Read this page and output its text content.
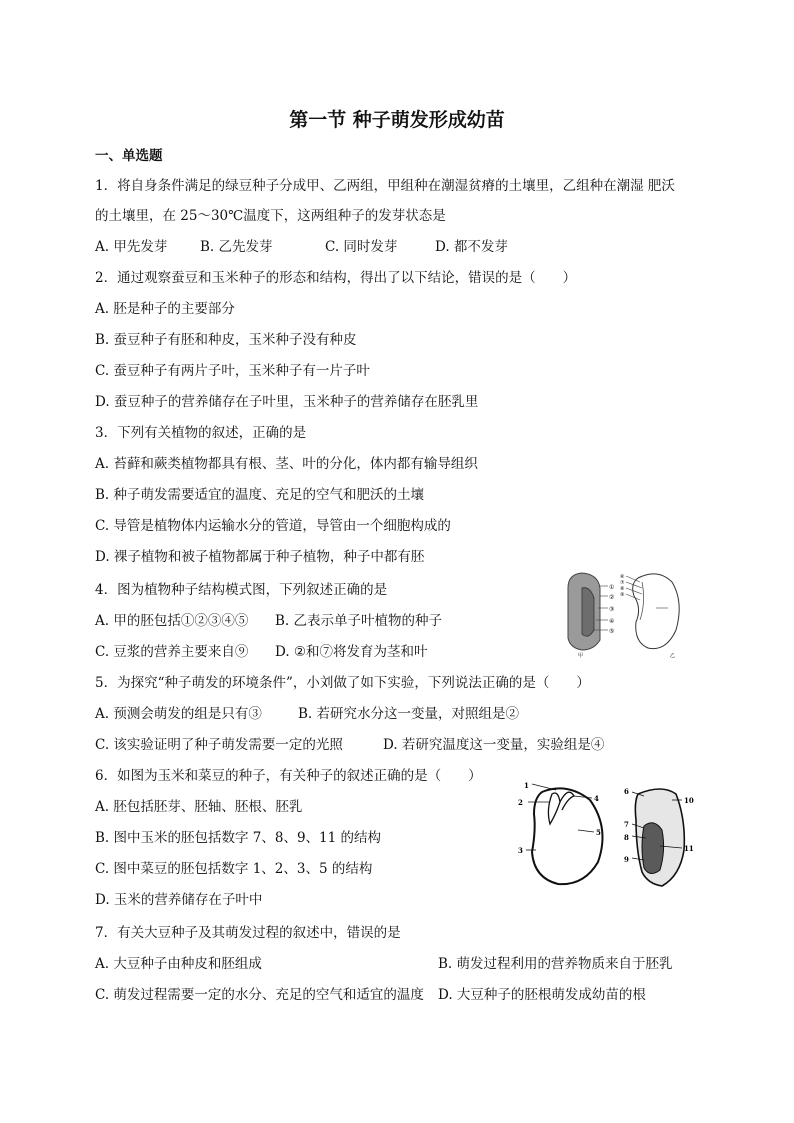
第一节 种子萌发形成幼苗
一、单选题
1．将自身条件满足的绿豆种子分成甲、乙两组，甲组种在潮湿贫瘠的土壤里，乙组种在潮湿 肥沃
的土壤里，在 25～30℃温度下，这两组种子的发芽状态是
A. 甲先发芽 B. 乙先发芽	C. 同时发芽	D. 都不发芽
2．通过观察蚕豆和玉米种子的形态和结构，得出了以下结论，错误的是（　　）
A. 胚是种子的主要部分
B. 蚕豆种子有胚和种皮，玉米种子没有种皮
C. 蚕豆种子有两片子叶，玉米种子有一片子叶
D. 蚕豆种子的营养储存在子叶里，玉米种子的营养储存在胚乳里
3．下列有关植物的叙述，正确的是
A. 苔藓和蕨类植物都具有根、茎、叶的分化，体内都有输导组织
B. 种子萌发需要适宜的温度、充足的空气和肥沃的土壤
C. 导管是植物体内运输水分的管道，导管由一个细胞构成的
D. 裸子植物和被子植物都属于种子植物，种子中都有胚
4．图为植物种子结构模式图，下列叙述正确的是
A. 甲的胚包括①②③④⑤ B. 乙表示单子叶植物的种子
C. 豆浆的营养主要来自⑨ D. ②和⑦将发育为茎和叶
①
②
③
④
⑤
⑥
⑦
⑧
⑨
甲	乙
5．为探究“种子萌发的环境条件”，小刘做了如下实验，下列说法正确的是（　　）
A. 预测会萌发的组是只有③	B. 若研究水分这一变量，对照组是②
C. 该实验证明了种子萌发需要一定的光照	D. 若研究温度这一变量，实验组是④
6．如图为玉米和菜豆的种子，有关种子的叙述正确的是（　　）
A. 胚包括胚芽、胚轴、胚根、胚乳
B. 图中玉米的胚包括数字 7、8、9、11 的结构
C. 图中菜豆的胚包括数字 1、2、3、5 的结构
D. 玉米的营养储存在子叶中
1
2
3
4
5
6
7
8
9
10
11
7．有关大豆种子及其萌发过程的叙述中，错误的是
A. 大豆种子由种皮和胚组成	B. 萌发过程利用的营养物质来自于胚乳
C. 萌发过程需要一定的水分、充足的空气和适宜的温度 D. 大豆种子的胚根萌发成幼苗的根
